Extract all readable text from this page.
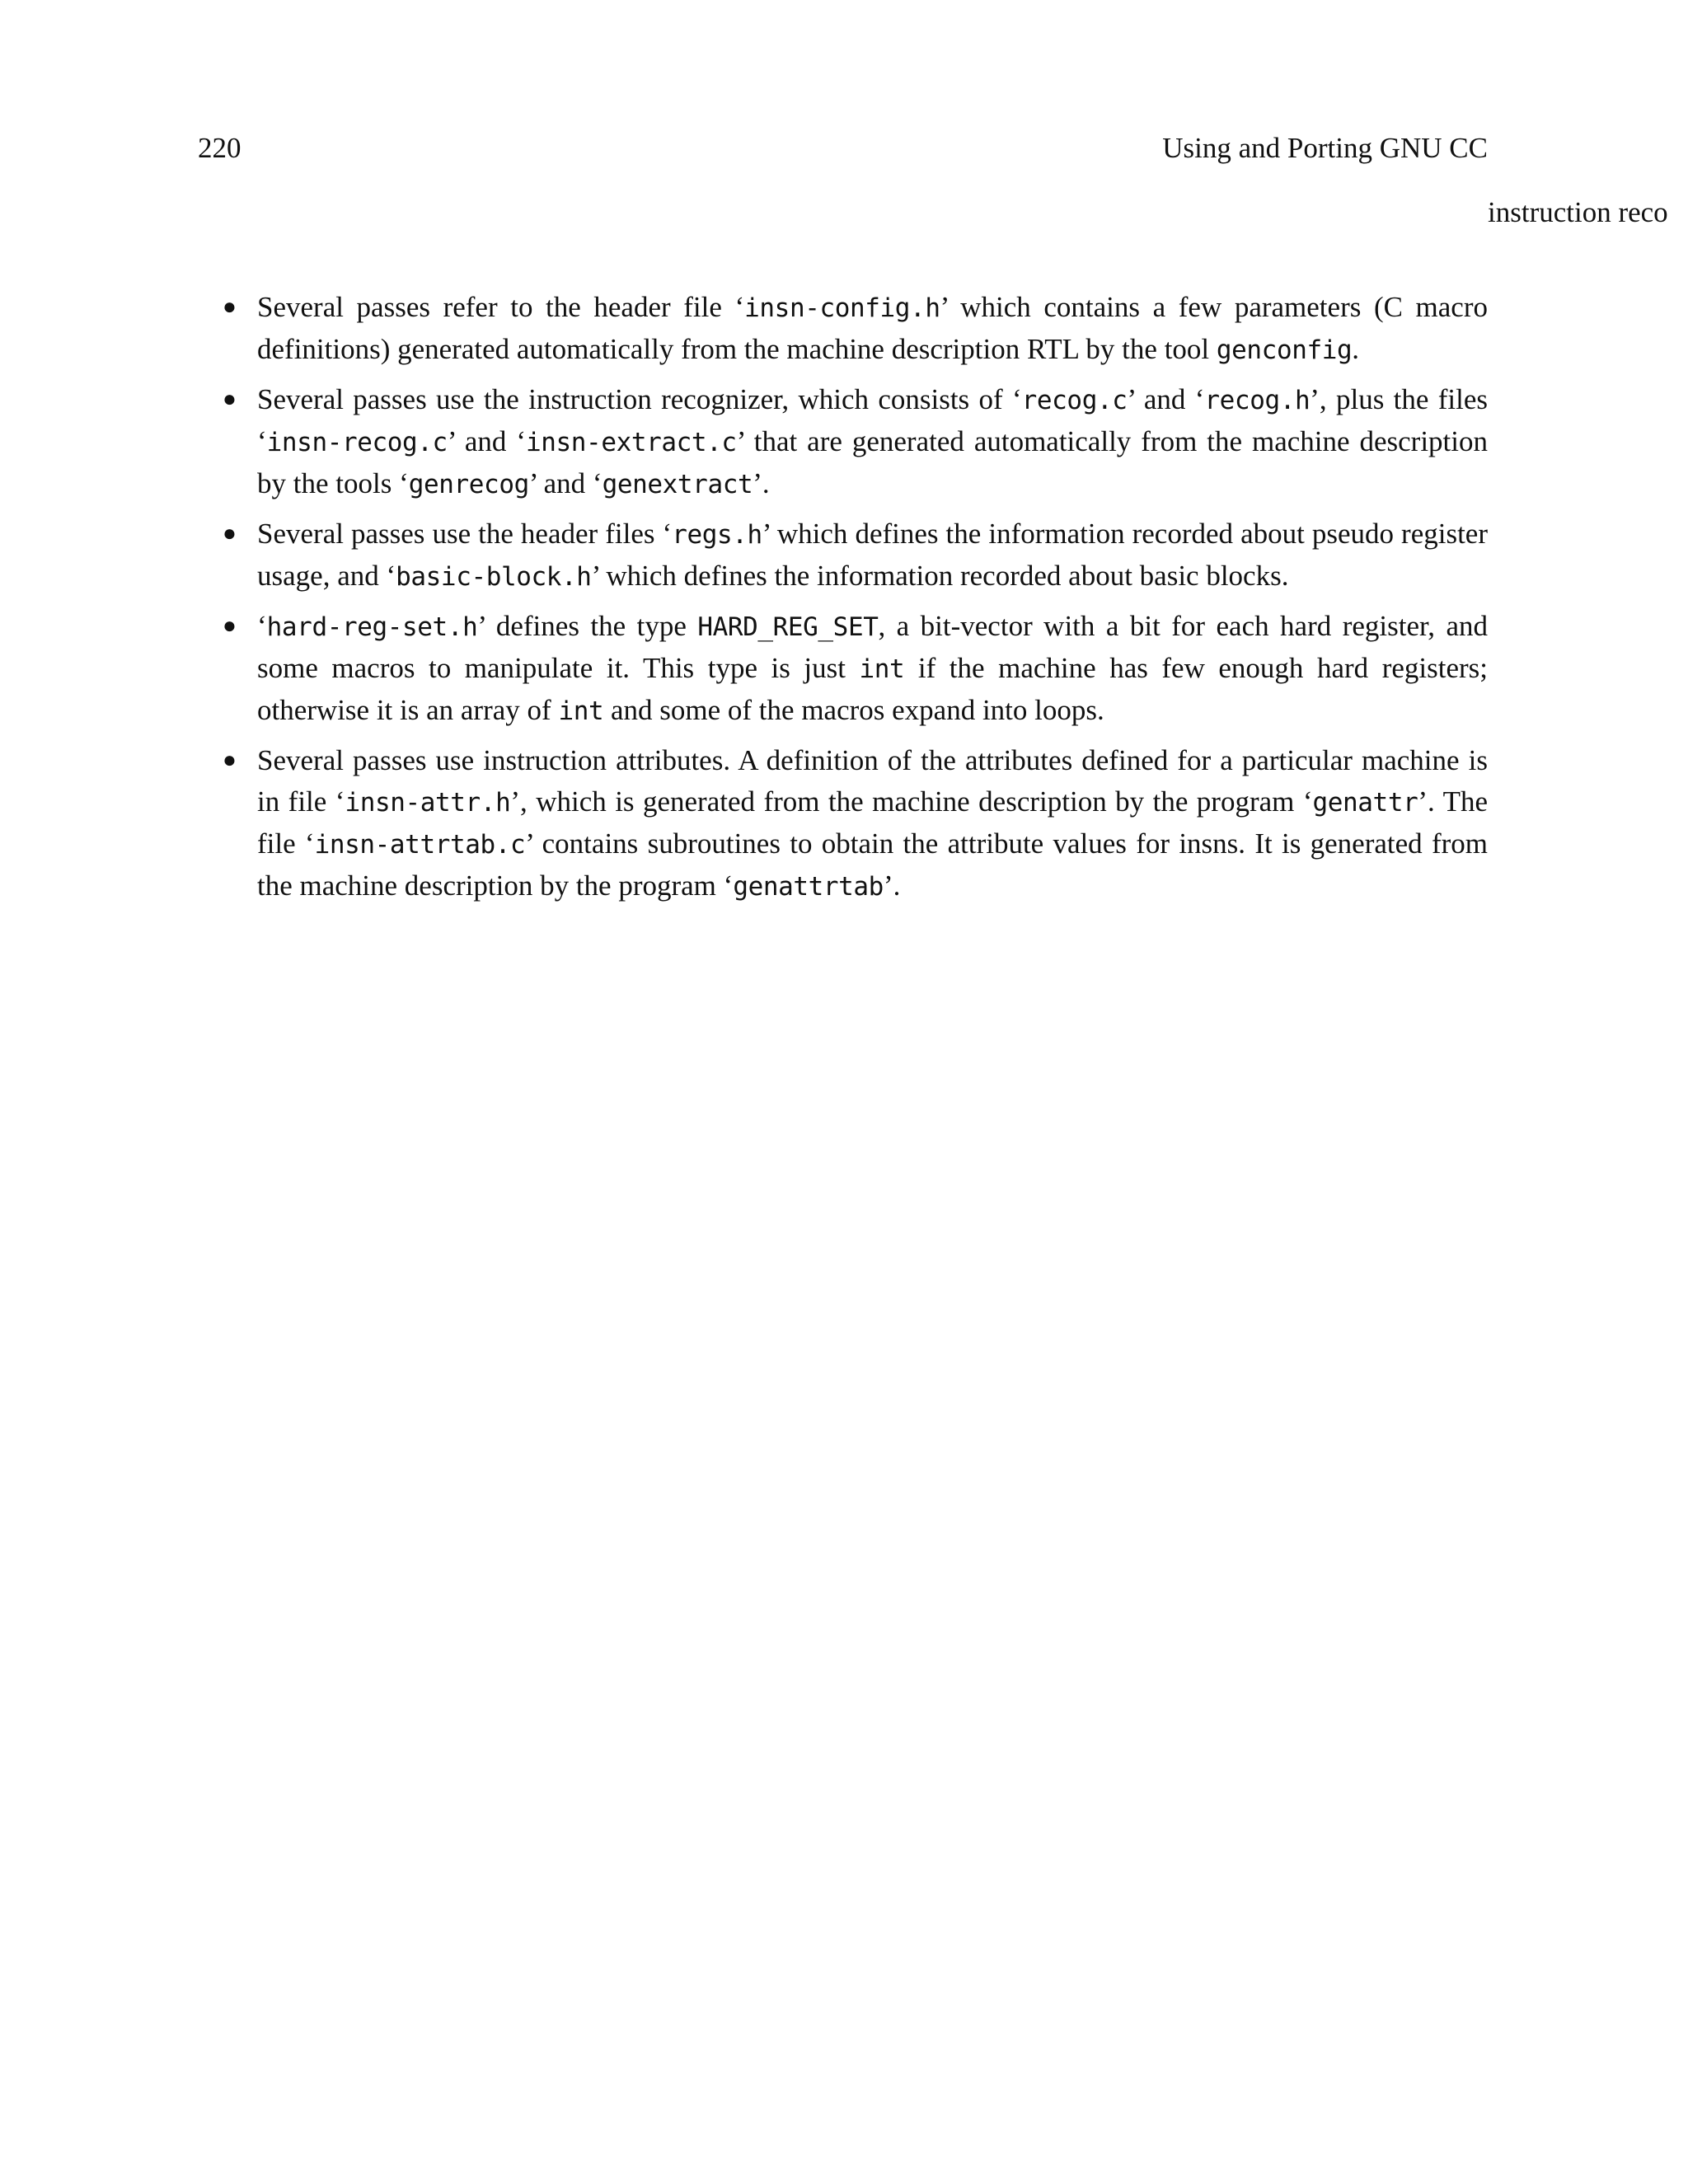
220	Using and Porting GNU CC
instruction reco
● Several passes refer to the header file ‘insn-config.h’ which contains a few parameters (C macro definitions) generated automatically from the machine description RTL by the tool genconfig.
● Several passes use the instruction recognizer, which consists of ‘recog.c’ and ‘recog.h’, plus the files ‘insn-recog.c’ and ‘insn-extract.c’ that are generated automatically from the machine description by the tools ‘genrecog’ and ‘genextract’.
● Several passes use the header files ‘regs.h’ which defines the information recorded about pseudo register usage, and ‘basic-block.h’ which defines the information recorded about basic blocks.
● ‘hard-reg-set.h’ defines the type HARD_REG_SET, a bit-vector with a bit for each hard register, and some macros to manipulate it. This type is just int if the machine has few enough hard registers; otherwise it is an array of int and some of the macros expand into loops.
● Several passes use instruction attributes. A definition of the attributes defined for a particular machine is in file ‘insn-attr.h’, which is generated from the machine description by the program ‘genattr’. The file ‘insn-attrtab.c’ contains subroutines to obtain the attribute values for insns. It is generated from the machine description by the program ‘genattrtab’.
